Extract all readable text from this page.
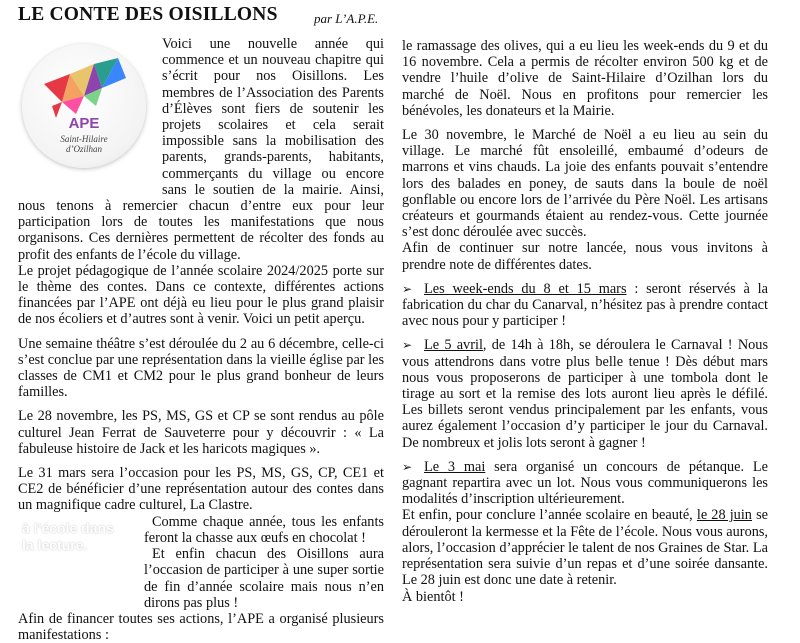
LE CONTE DES OISILLONS	par L’A.P.E.
APE
Saint-Hilaire
d’Ozilhan

Voici une nouvelle année qui commence et un nouveau chapitre qui s’écrit pour nos Oisillons. Les membres de l’Association des Parents d’Élèves sont fiers de soutenir les projets scolaires et cela serait impossible sans la mobilisation des parents, grands-parents, habitants, commerçants du village ou encore sans le soutien de la mairie. Ainsi, nous tenons à remercier chacun d’entre eux pour leur participation lors de toutes les manifestations que nous organisons. Ces dernières permettent de récolter des fonds au profit des enfants de l’école du village.

Le projet pédagogique de l’année scolaire 2024/2025 porte sur le thème des contes. Dans ce contexte, différentes actions financées par l’APE ont déjà eu lieu pour le plus grand plaisir de nos écoliers et d’autres sont à venir. Voici un petit aperçu.

Une semaine théâtre s’est déroulée du 2 au 6 décembre, celle-ci s’est conclue par une représentation dans la vieille église par les classes de CM1 et CM2 pour le plus grand bonheur de leurs familles.

Le 28 novembre, les PS, MS, GS et CP se sont rendus au pôle culturel Jean Ferrat de Sauveterre pour y découvrir : « La fabuleuse histoire de Jack et les haricots magiques ».

Le 31 mars sera l’occasion pour les PS, MS, GS, CP, CE1 et CE2 de bénéficier d’une représentation autour des contes dans un magnifique cadre culturel, La Clastre.

à l’école dans
la lecture.

Comme chaque année, tous les enfants feront la chasse aux œufs en chocolat !

Et enfin chacun des Oisillons aura l’occasion de participer à une super sortie de fin d’année scolaire mais nous n’en dirons pas plus !

Afin de financer toutes ses actions, l’APE a organisé plusieurs manifestations :

le ramassage des olives, qui a eu lieu les week-ends du 9 et du 16 novembre. Cela a permis de récolter environ 500 kg et de vendre l’huile d’olive de Saint-Hilaire d’Ozilhan lors du marché de Noël. Nous en profitons pour remercier les bénévoles, les donateurs et la Mairie.

Le 30 novembre, le Marché de Noël a eu lieu au sein du village. Le marché fût ensoleillé, embaumé d’odeurs de marrons et vins chauds. La joie des enfants pouvait s’entendre lors des balades en poney, de sauts dans la boule de noël gonflable ou encore lors de l’arrivée du Père Noël. Les artisans créateurs et gourmands étaient au rendez-vous. Cette journée s’est donc déroulée avec succès.

Afin de continuer sur notre lancée, nous vous invitons à prendre note de différentes dates.

➢ Les week-ends du 8 et 15 mars : seront réservés à la fabrication du char du Canarval, n’hésitez pas à prendre contact avec nous pour y participer !

➢ Le 5 avril, de 14h à 18h, se déroulera le Carnaval ! Nous vous attendrons dans votre plus belle tenue ! Dès début mars nous vous proposerons de participer à une tombola dont le tirage au sort et la remise des lots auront lieu après le défilé. Les billets seront vendus principalement par les enfants, vous aurez également l’occasion d’y participer le jour du Carnaval. De nombreux et jolis lots seront à gagner !

➢ Le 3 mai sera organisé un concours de pétanque. Le gagnant repartira avec un lot. Nous vous communiquerons les modalités d’inscription ultérieurement.

Et enfin, pour conclure l’année scolaire en beauté, le 28 juin se dérouleront la kermesse et la Fête de l’école. Nous vous aurons, alors, l’occasion d’apprécier le talent de nos Graines de Star. La représentation sera suivie d’un repas et d’une soirée dansante. Le 28 juin est donc une date à retenir.

À bientôt !
